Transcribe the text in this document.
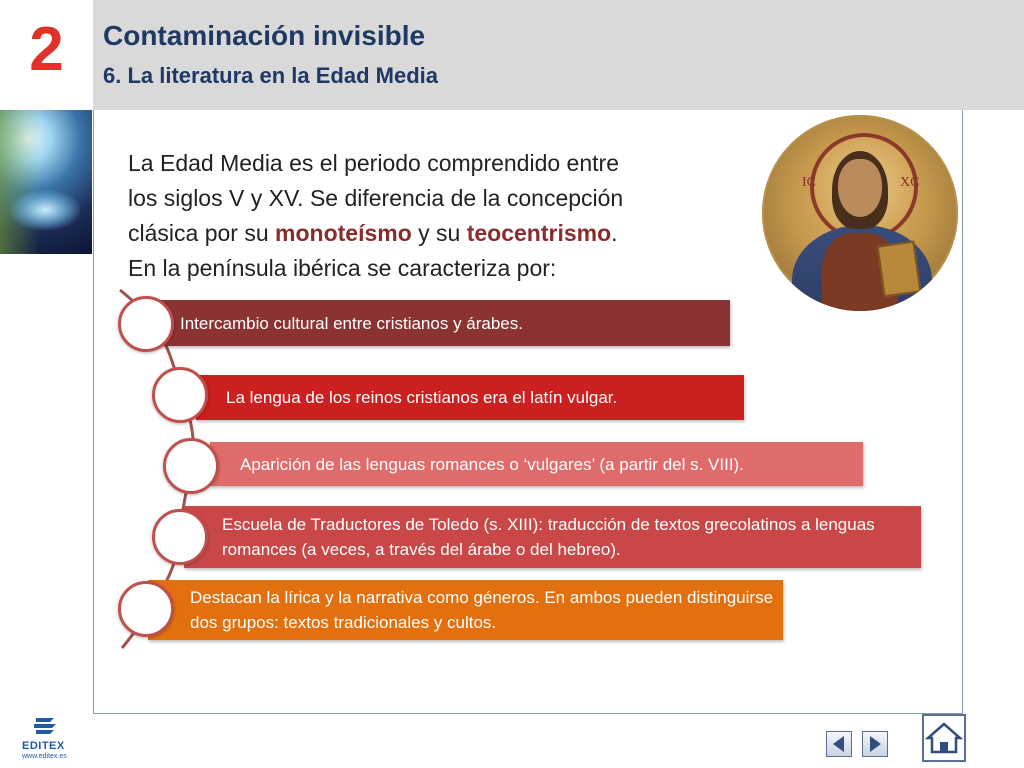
2	Contaminación invisible
6. La literatura en la Edad Media
La Edad Media es el periodo comprendido entre
los siglos V y XV. Se diferencia de la concepción
clásica por su monoteísmo y su teocentrismo.
En la península ibérica se caracteriza por:
IC	XC
Intercambio cultural entre cristianos y árabes.
La lengua de los reinos cristianos era el latín vulgar.
Aparición de las lenguas romances o ‘vulgares’ (a partir del s. VIII).
Escuela de Traductores de Toledo (s. XIII): traducción de textos grecolatinos a lenguas romances (a veces, a través del árabe o del hebreo).
Destacan la lírica y la narrativa como géneros. En ambos pueden distinguirse dos grupos: textos tradicionales y cultos.
EDITEX
www.editex.es
